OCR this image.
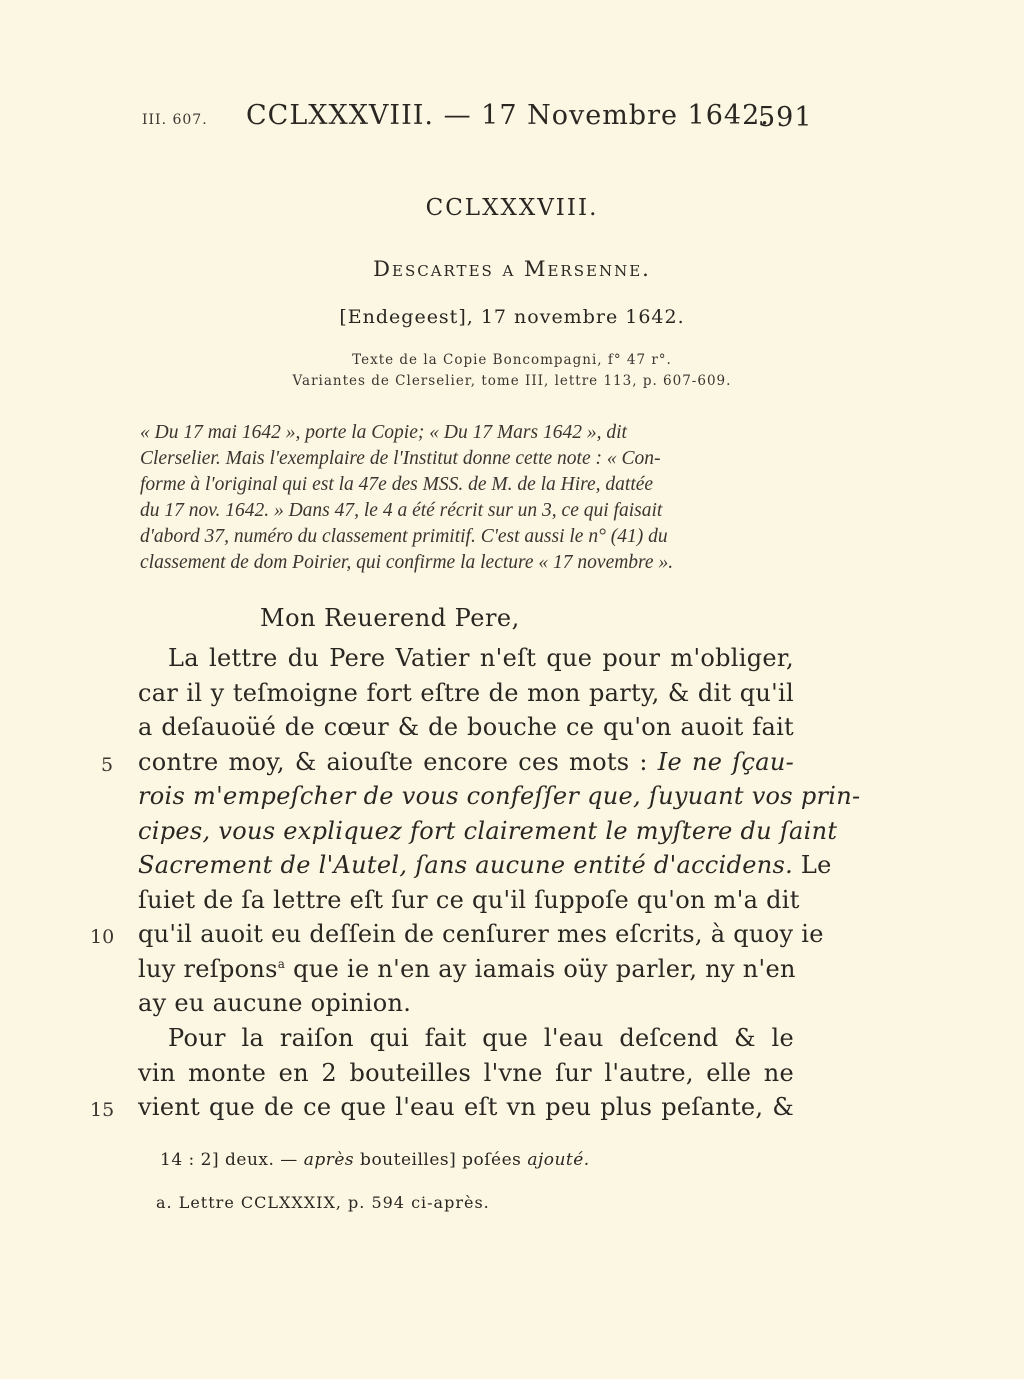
III. 607. CCLXXXVIII. — 17 Novembre 1642.
591
CCLXXXVIII.
Descartes a Mersenne.
[Endegeest], 17 novembre 1642.
Texte de la Copie Boncompagni, f° 47 r°.
Variantes de Clerselier, tome III, lettre 113, p. 607-609.
« Du 17 mai 1642 », porte la Copie; « Du 17 Mars 1642 », dit
Clerselier. Mais l'exemplaire de l'Institut donne cette note : « Con-
forme à l'original qui est la 47e des MSS. de M. de la Hire, dattée
du 17 nov. 1642. » Dans 47, le 4 a été récrit sur un 3, ce qui faisait
d'abord 37, numéro du classement primitif. C'est aussi le n° (41) du
classement de dom Poirier, qui confirme la lecture « 17 novembre ».
Mon Reuerend Pere,
La lettre du Pere Vatier n'eſt que pour m'obliger,
car il y teſmoigne fort eſtre de mon party, & dit qu'il
a deſauoüé de cœur & de bouche ce qu'on auoit fait
contre moy, & aiouſte encore ces mots : Ie ne ſçau-
rois m'empeſcher de vous confeſſer que, ſuyuant vos prin-
cipes, vous expliquez fort clairement le myſtere du ſaint
Sacrement de l'Autel, ſans aucune entité d'accidens. Le
ſuiet de ſa lettre eſt ſur ce qu'il ſuppoſe qu'on m'a dit
qu'il auoit eu deſſein de cenſurer mes eſcrits, à quoy ie
luy reſpons$^a$ que ie n'en ay iamais oüy parler, ny n'en
ay eu aucune opinion.
Pour la raiſon qui fait que l'eau deſcend & le
vin monte en 2 bouteilles l'vne ſur l'autre, elle ne
vient que de ce que l'eau eſt vn peu plus peſante, &
5
10
15
14 : 2] deux. — après bouteilles] poſées ajouté.
a. Lettre CCLXXXIX, p. 594 ci-après.
